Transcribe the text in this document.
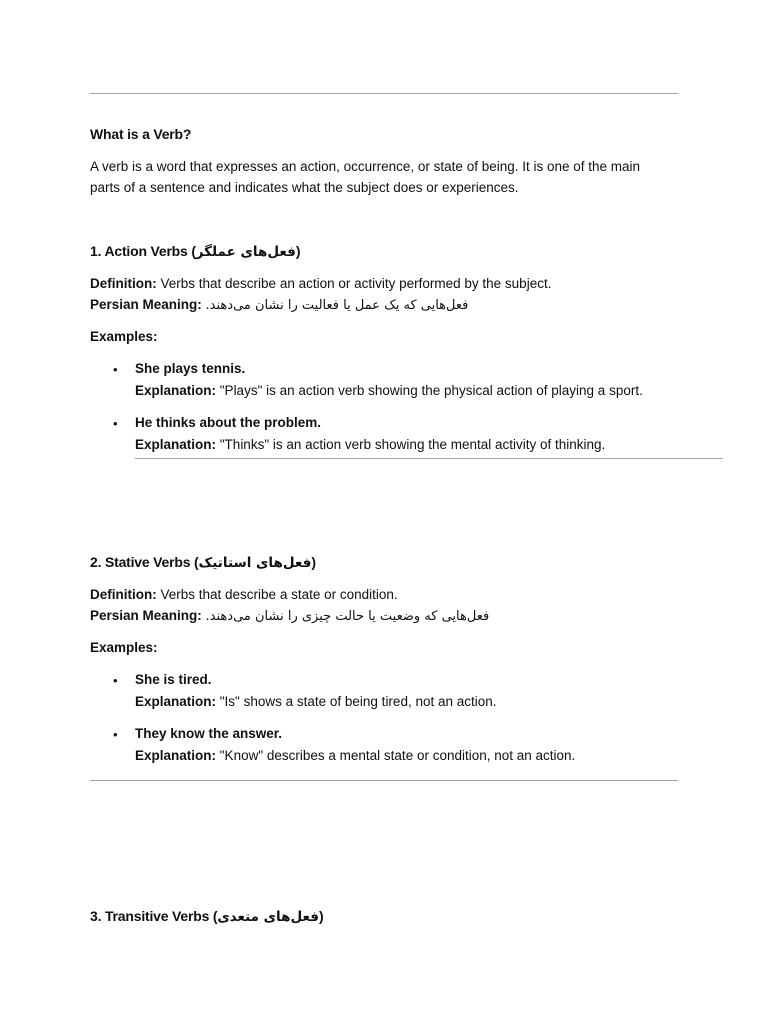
What is a Verb?
A verb is a word that expresses an action, occurrence, or state of being. It is one of the main parts of a sentence and indicates what the subject does or experiences.
1. Action Verbs (فعل‌های عملگر)
Definition: Verbs that describe an action or activity performed by the subject.
Persian Meaning: فعل‌هایی که یک عمل یا فعالیت را نشان می‌دهند.
Examples:
• She plays tennis.
Explanation: "Plays" is an action verb showing the physical action of playing a sport.
• He thinks about the problem.
Explanation: "Thinks" is an action verb showing the mental activity of thinking.
2. Stative Verbs (فعل‌های استاتیک)
Definition: Verbs that describe a state or condition.
Persian Meaning: فعل‌هایی که وضعیت یا حالت چیزی را نشان می‌دهند.
Examples:
• She is tired.
Explanation: "Is" shows a state of being tired, not an action.
• They know the answer.
Explanation: "Know" describes a mental state or condition, not an action.
3. Transitive Verbs (فعل‌های متعدی)
